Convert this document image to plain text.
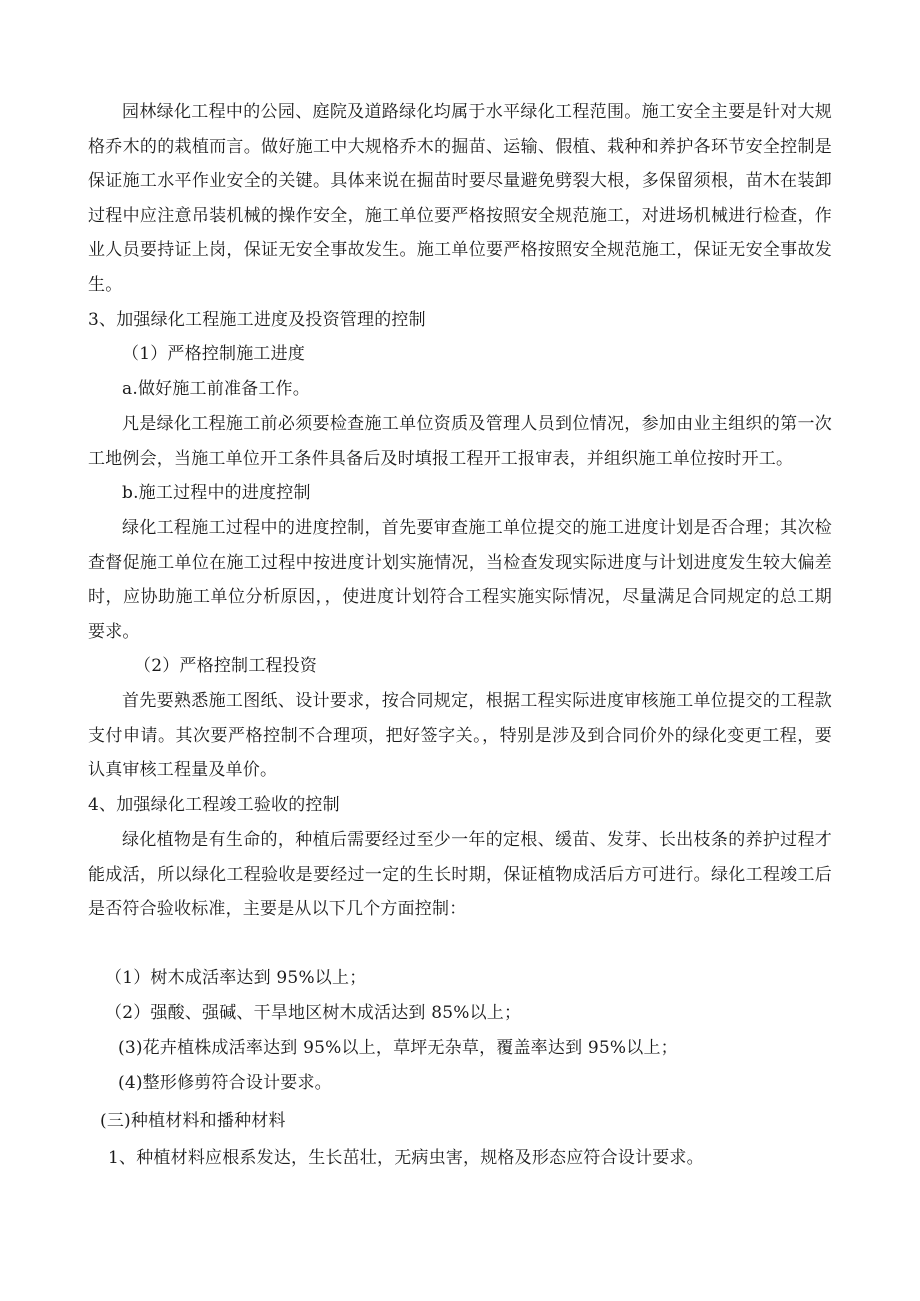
园林绿化工程中的公园、庭院及道路绿化均属于水平绿化工程范围。施工安全主要是针对大规格乔木的的栽植而言。做好施工中大规格乔木的掘苗、运输、假植、栽种和养护各环节安全控制是保证施工水平作业安全的关键。具体来说在掘苗时要尽量避免劈裂大根，多保留须根，苗木在装卸过程中应注意吊装机械的操作安全，施工单位要严格按照安全规范施工，对进场机械进行检查，作业人员要持证上岗，保证无安全事故发生。施工单位要严格按照安全规范施工，保证无安全事故发生。

3、加强绿化工程施工进度及投资管理的控制

（1）严格控制施工进度

a.做好施工前准备工作。

凡是绿化工程施工前必须要检查施工单位资质及管理人员到位情况，参加由业主组织的第一次工地例会，当施工单位开工条件具备后及时填报工程开工报审表，并组织施工单位按时开工。

b.施工过程中的进度控制

绿化工程施工过程中的进度控制，首先要审查施工单位提交的施工进度计划是否合理；其次检查督促施工单位在施工过程中按进度计划实施情况，当检查发现实际进度与计划进度发生较大偏差时，应协助施工单位分析原因，，使进度计划符合工程实施实际情况，尽量满足合同规定的总工期要求。

（2）严格控制工程投资

首先要熟悉施工图纸、设计要求，按合同规定，根据工程实际进度审核施工单位提交的工程款支付申请。其次要严格控制不合理项，把好签字关。，特别是涉及到合同价外的绿化变更工程，要认真审核工程量及单价。

4、加强绿化工程竣工验收的控制

绿化植物是有生命的，种植后需要经过至少一年的定根、缓苗、发芽、长出枝条的养护过程才能成活，所以绿化工程验收是要经过一定的生长时期，保证植物成活后方可进行。绿化工程竣工后是否符合验收标准，主要是从以下几个方面控制：

（1）树木成活率达到 95%以上；

（2）强酸、强碱、干旱地区树木成活达到 85%以上；

(3)花卉植株成活率达到 95%以上，草坪无杂草，覆盖率达到 95%以上；

(4)整形修剪符合设计要求。

(三)种植材料和播种材料

1、种植材料应根系发达，生长茁壮，无病虫害，规格及形态应符合设计要求。
